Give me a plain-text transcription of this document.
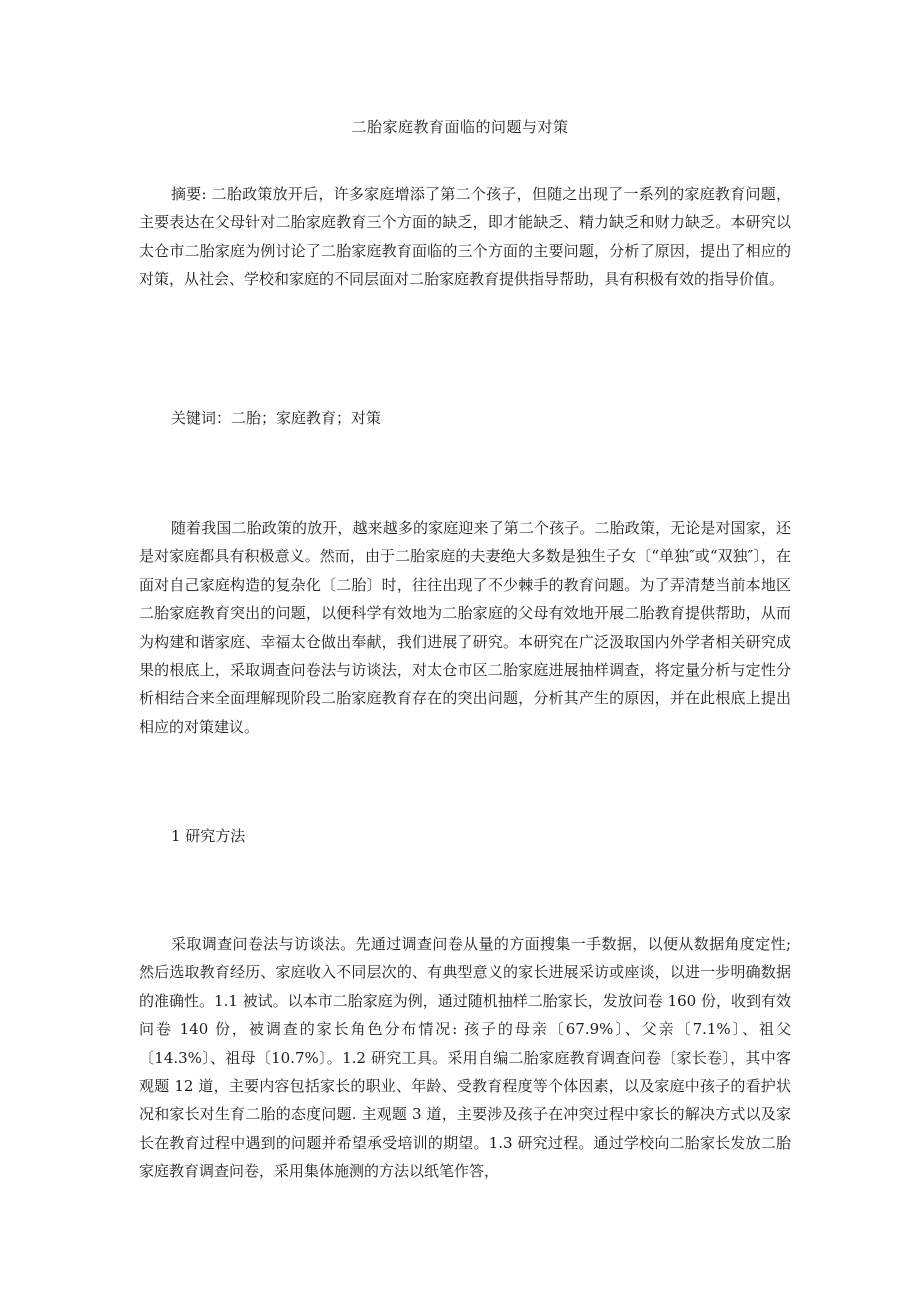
二胎家庭教育面临的问题与对策

摘要: 二胎政策放开后，许多家庭增添了第二个孩子，但随之出现了一系列的家庭教育问题，主要表达在父母针对二胎家庭教育三个方面的缺乏，即才能缺乏、精力缺乏和财力缺乏。本研究以太仓市二胎家庭为例讨论了二胎家庭教育面临的三个方面的主要问题，分析了原因，提出了相应的对策，从社会、学校和家庭的不同层面对二胎家庭教育提供指导帮助，具有积极有效的指导价值。

关键词：二胎；家庭教育；对策

随着我国二胎政策的放开，越来越多的家庭迎来了第二个孩子。二胎政策，无论是对国家，还是对家庭都具有积极意义。然而，由于二胎家庭的夫妻绝大多数是独生子女〔“单独″或“双独″〕，在面对自己家庭构造的复杂化〔二胎〕时，往往出现了不少棘手的教育问题。为了弄清楚当前本地区二胎家庭教育突出的问题，以便科学有效地为二胎家庭的父母有效地开展二胎教育提供帮助，从而为构建和谐家庭、幸福太仓做出奉献，我们进展了研究。本研究在广泛汲取国内外学者相关研究成果的根底上，采取调查问卷法与访谈法，对太仓市区二胎家庭进展抽样调查，将定量分析与定性分析相结合来全面理解现阶段二胎家庭教育存在的突出问题，分析其产生的原因，并在此根底上提出相应的对策建议。

1 研究方法

采取调查问卷法与访谈法。先通过调查问卷从量的方面搜集一手数据，以便从数据角度定性; 然后选取教育经历、家庭收入不同层次的、有典型意义的家长进展采访或座谈，以进一步明确数据的准确性。1.1 被试。以本市二胎家庭为例，通过随机抽样二胎家长，发放问卷 160 份，收到有效问卷 140 份，被调查的家长角色分布情况: 孩子的母亲〔67.9%〕、父亲〔7.1%〕、祖父〔14.3%〕、祖母〔10.7%〕。1.2 研究工具。采用自编二胎家庭教育调查问卷〔家长卷〕，其中客观题 12 道，主要内容包括家长的职业、年龄、受教育程度等个体因素，以及家庭中孩子的看护状况和家长对生育二胎的态度问题. 主观题 3 道，主要涉及孩子在冲突过程中家长的解决方式以及家长在教育过程中遇到的问题并希望承受培训的期望。1.3 研究过程。通过学校向二胎家长发放二胎家庭教育调查问卷，采用集体施测的方法以纸笔作答，
